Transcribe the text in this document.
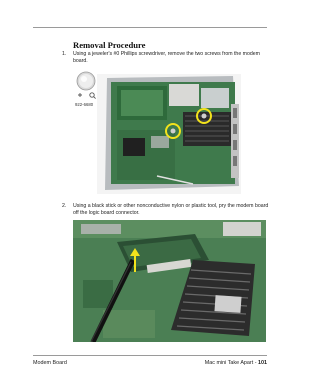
Removal Procedure
1. Using a jeweler's #0 Phillips screwdriver, remove the two screws from the modem board.
922-6680
2. Using a black stick or other nonconductive nylon or plastic tool, pry the modem board off the logic board connector.
Modem Board	Mac mini Take Apart - 101
